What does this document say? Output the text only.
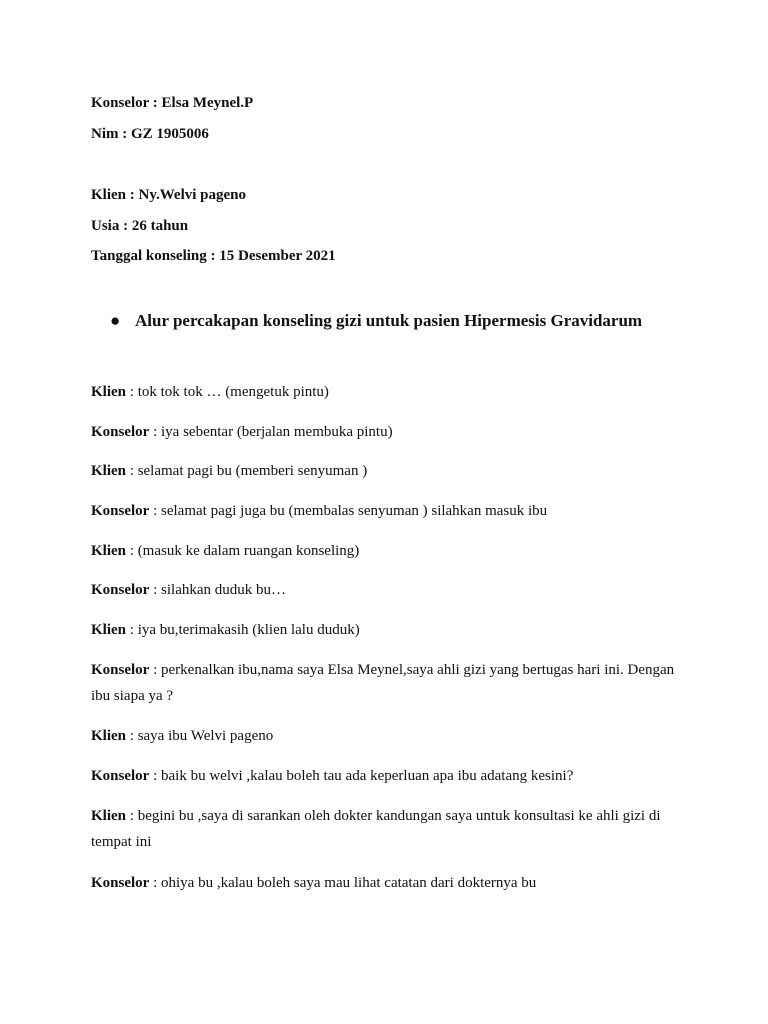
Konselor : Elsa Meynel.P
Nim : GZ 1905006
Klien : Ny.Welvi pageno
Usia : 26 tahun
Tanggal konseling : 15 Desember 2021
● Alur percakapan konseling gizi untuk pasien Hipermesis Gravidarum
Klien : tok tok tok … (mengetuk pintu)
Konselor : iya sebentar (berjalan membuka pintu)
Klien : selamat pagi bu (memberi senyuman )
Konselor : selamat pagi juga bu (membalas senyuman ) silahkan masuk ibu
Klien : (masuk ke dalam ruangan konseling)
Konselor : silahkan duduk bu…
Klien : iya bu,terimakasih (klien lalu duduk)
Konselor : perkenalkan ibu,nama saya Elsa Meynel,saya ahli gizi yang bertugas hari ini. Dengan ibu siapa ya ?
Klien : saya ibu Welvi pageno
Konselor : baik bu welvi ,kalau boleh tau ada keperluan apa ibu adatang kesini?
Klien : begini bu ,saya di sarankan oleh dokter kandungan saya untuk konsultasi ke ahli gizi di tempat ini
Konselor : ohiya bu ,kalau boleh saya mau lihat catatan dari dokternya bu
